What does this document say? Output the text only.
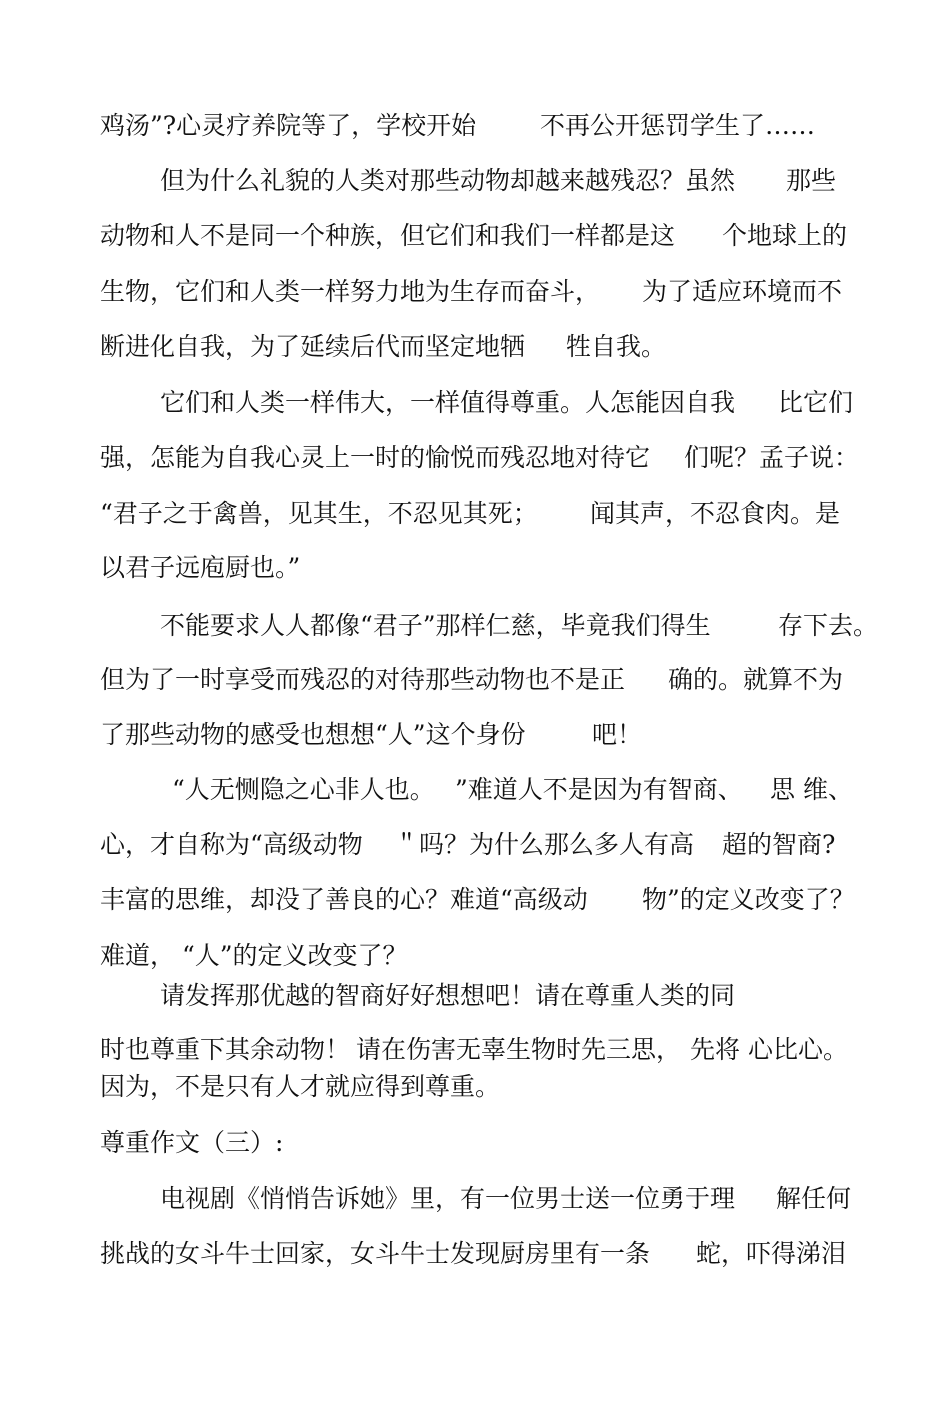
鸡汤”?心灵疗养院等了，学校开始

	不再公开惩罚学生了……

但为什么礼貌的人类对那些动物却越来越残忍？虽然

那些

动物和人不是同一个种族，但它们和我们一样都是这

个地球上的

生物，它们和人类一样努力地为生存而奋斗，

为了适应环境而不

断进化自我，为了延续后代而坚定地牺

牲自我。

它们和人类一样伟大，一样值得尊重。人怎能因自我

比它们

强，怎能为自我心灵上一时的愉悦而残忍地对待它

们呢？孟子说：

“君子之于禽兽，见其生，不忍见其死；

闻其声，不忍食肉。是

以君子远庖厨也。”

不能要求人人都像“君子”那样仁慈，毕竟我们得生

	存下去。

但为了一时享受而残忍的对待那些动物也不是正

确的。就算不为

了那些动物的感受也想想“人”这个身份

	吧！

“人无恻隐之心非人也。

”难道人不是因为有智商、

思 维、

心，才自称为“高级动物

＂吗？为什么那么多人有高

超的智商?

丰富的思维，却没了善良的心？难道“高级动

物”的定义改变了？

难道，

“人”的定义改变了？

请发挥那优越的智商好好想想吧！请在尊重人类的同

时也尊重下其余动物！

请在伤害无辜生物时先三思，

先将

心比心。

因为，不是只有人才就应得到尊重。

尊重作文（三）:

电视剧《悄悄告诉她》里，有一位男士送一位勇于理

解任何

挑战的女斗牛士回家，女斗牛士发现厨房里有一条

蛇，吓得涕泪
